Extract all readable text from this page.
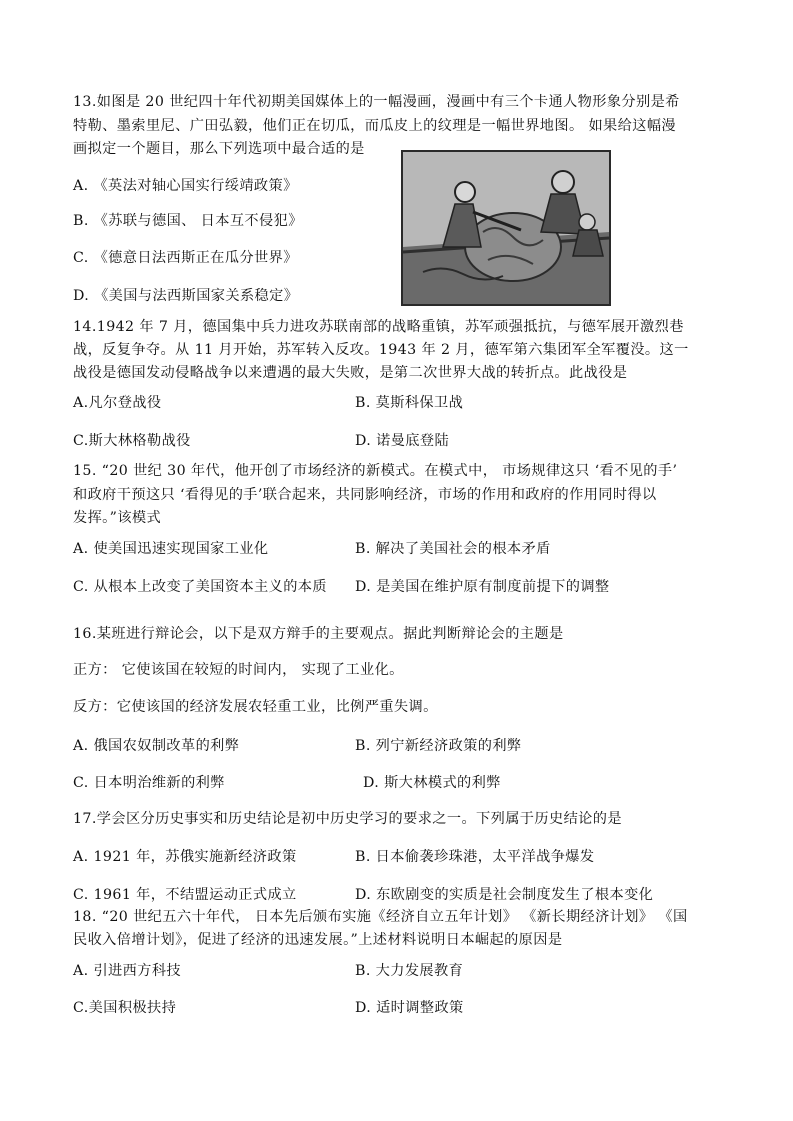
13.如图是 20 世纪四十年代初期美国媒体上的一幅漫画，漫画中有三个卡通人物形象分别是希
特勒、墨索里尼、广田弘毅，他们正在切瓜，而瓜皮上的纹理是一幅世界地图。 如果给这幅漫
画拟定一个题目，那么下列选项中最合适的是
A. 《英法对轴心国实行绥靖政策》
B. 《苏联与德国、 日本互不侵犯》
C. 《德意日法西斯正在瓜分世界》
D. 《美国与法西斯国家关系稳定》
14.1942 年 7 月，德国集中兵力进攻苏联南部的战略重镇，苏军顽强抵抗，与德军展开激烈巷
战，反复争夺。从 11 月开始，苏军转入反攻。1943 年 2 月，德军第六集团军全军覆没。这一
战役是德国发动侵略战争以来遭遇的最大失败，是第二次世界大战的转折点。此战役是
A.凡尔登战役	B. 莫斯科保卫战
C.斯大林格勒战役	D. 诺曼底登陆
15. “20 世纪 30 年代，他开创了市场经济的新模式。在模式中， 市场规律这只 ‘看不见的手’
和政府干预这只 ‘看得见的手’联合起来，共同影响经济，市场的作用和政府的作用同时得以
发挥。”该模式
A. 使美国迅速实现国家工业化	B. 解决了美国社会的根本矛盾
C. 从根本上改变了美国资本主义的本质 D. 是美国在维护原有制度前提下的调整
16.某班进行辩论会，以下是双方辩手的主要观点。据此判断辩论会的主题是
正方： 它使该国在较短的时间内， 实现了工业化。
反方：它使该国的经济发展农轻重工业，比例严重失调。
A. 俄国农奴制改革的利弊	B. 列宁新经济政策的利弊
C. 日本明治维新的利弊	D. 斯大林模式的利弊
17.学会区分历史事实和历史结论是初中历史学习的要求之一。下列属于历史结论的是
A. 1921 年，苏俄实施新经济政策	B. 日本偷袭珍珠港，太平洋战争爆发
C. 1961 年，不结盟运动正式成立	D. 东欧剧变的实质是社会制度发生了根本变化
18. “20 世纪五六十年代， 日本先后颁布实施《经济自立五年计划》 《新长期经济计划》 《国
民收入倍增计划》，促进了经济的迅速发展。”上述材料说明日本崛起的原因是
A. 引进西方科技	B. 大力发展教育
C.美国积极扶持	D. 适时调整政策
